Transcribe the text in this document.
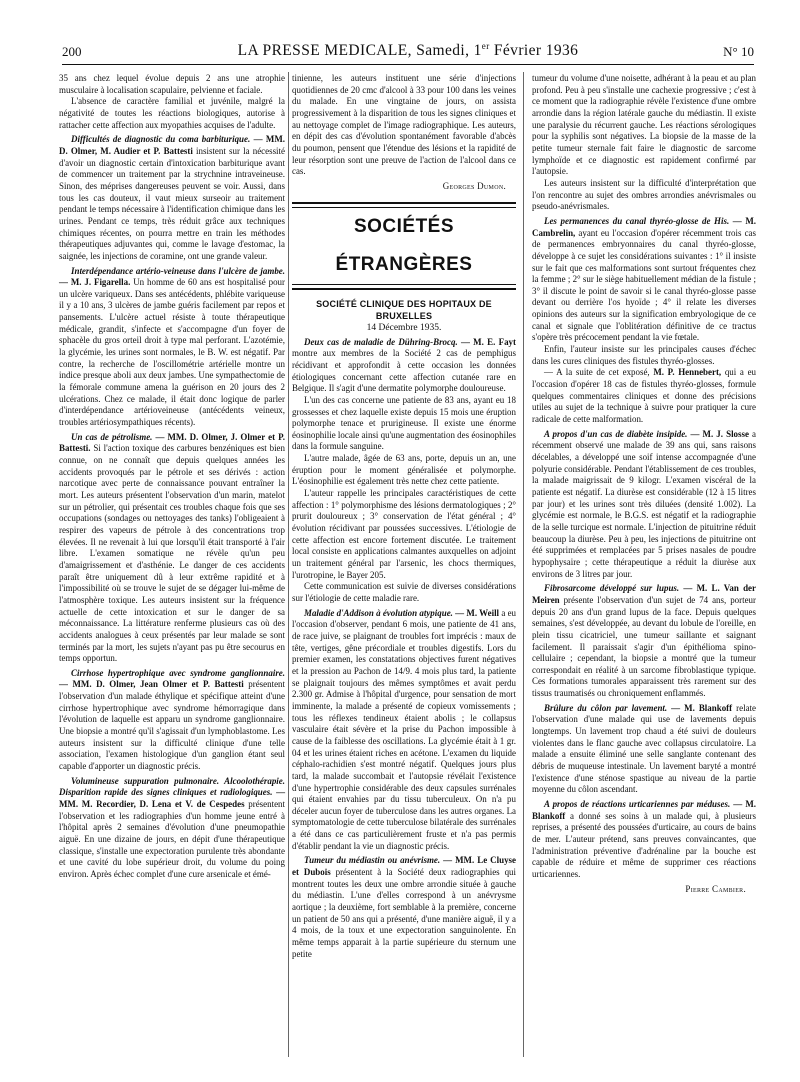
200	LA PRESSE MEDICALE, Samedi, 1er Février 1936	N° 10

35 ans chez lequel évolue depuis 2 ans une atrophie musculaire à localisation scapulaire, pelvienne et faciale.

L'absence de caractère familial et juvénile, malgré la négativité de toutes les réactions biologiques, autorise à rattacher cette affection aux myopathies acquises de l'adulte.

Difficultés de diagnostic du coma barbiturique. — MM. D. Olmer, M. Audier et P. Battesti insistent sur la nécessité d'avoir un diagnostic certain d'intoxication barbiturique avant de commencer un traitement par la strychnine intraveineuse. Sinon, des méprises dangereuses peuvent se voir. Aussi, dans tous les cas douteux, il vaut mieux surseoir au traitement pendant le temps nécessaire à l'identification chimique dans les urines. Pendant ce temps, très réduit grâce aux techniques chimiques récentes, on pourra mettre en train les méthodes thérapeutiques adjuvantes qui, comme le lavage d'estomac, la saignée, les injections de coramine, ont une grande valeur.

Interdépendance artério-veineuse dans l'ulcère de jambe. — M. J. Figarella. Un homme de 60 ans est hospitalisé pour un ulcère variqueux. Dans ses antécédents, phlébite variqueuse il y a 10 ans, 3 ulcères de jambe guéris facilement par repos et pansements. L'ulcère actuel résiste à toute thérapeutique médicale, grandit, s'infecte et s'accompagne d'un foyer de sphacèle du gros orteil droit à type mal perforant. L'azotémie, la glycémie, les urines sont normales, le B. W. est négatif. Par contre, la recherche de l'oscillométrie artérielle montre un indice presque aboli aux deux jambes. Une sympathectomie de la fémorale commune amena la guérison en 20 jours des 2 ulcérations. Chez ce malade, il était donc logique de parler d'interdépendance artérioveineuse (antécédents veineux, troubles artériosympathiques récents).

Un cas de pétrolisme. — MM. D. Olmer, J. Olmer et P. Battesti. Si l'action toxique des carbures benzéniques est bien connue, on ne connaît que depuis quelques années les accidents provoqués par le pétrole et ses dérivés : action narcotique avec perte de connaissance pouvant entraîner la mort. Les auteurs présentent l'observation d'un marin, matelot sur un pétrolier, qui présentait ces troubles chaque fois que ses occupations (sondages ou nettoyages des tanks) l'obligeaient à respirer des vapeurs de pétrole à des concentrations trop élevées. Il ne revenait à lui que lorsqu'il était transporté à l'air libre. L'examen somatique ne révèle qu'un peu d'amaigrissement et d'asthénie. Le danger de ces accidents paraît être uniquement dû à leur extrême rapidité et à l'impossibilité où se trouve le sujet de se dégager lui-même de l'atmosphère toxique. Les auteurs insistent sur la fréquence actuelle de cette intoxication et sur le danger de sa méconnaissance. La littérature renferme plusieurs cas où des accidents analogues à ceux présentés par leur malade se sont terminés par la mort, les sujets n'ayant pas pu être secourus en temps opportun.

Cirrhose hypertrophique avec syndrome ganglionnaire. — MM. D. Olmer, Jean Olmer et P. Battesti présentent l'observation d'un malade éthylique et spécifique atteint d'une cirrhose hypertrophique avec syndrome hémorragique dans l'évolution de laquelle est apparu un syndrome ganglionnaire. Une biopsie a montré qu'il s'agissait d'un lymphoblastome. Les auteurs insistent sur la difficulté clinique d'une telle association, l'examen histologique d'un ganglion étant seul capable d'apporter un diagnostic précis.

Volumineuse suppuration pulmonaire. Alcoolothérapie. Disparition rapide des signes cliniques et radiologiques. — MM. M. Recordier, D. Lena et V. de Cespedes présentent l'observation et les radiographies d'un homme jeune entré à l'hôpital après 2 semaines d'évolution d'une pneumopathie aiguë. En une dizaine de jours, en dépit d'une thérapeutique classique, s'installe une expectoration purulente très abondante et une cavité du lobe supérieur droit, du volume du poing environ. Après échec complet d'une cure arsenicale et émé-

tinienne, les auteurs instituent une série d'injections quotidiennes de 20 cmc d'alcool à 33 pour 100 dans les veines du malade. En une vingtaine de jours, on assista progressivement à la disparition de tous les signes cliniques et au nettoyage complet de l'image radiographique. Les auteurs, en dépit des cas d'évolution spontanément favorable d'abcès du poumon, pensent que l'étendue des lésions et la rapidité de leur résorption sont une preuve de l'action de l'alcool dans ce cas.

Georges Dumon.

SOCIÉTÉS ÉTRANGÈRES
SOCIÉTÉ CLINIQUE DES HOPITAUX DE BRUXELLES
14 Décembre 1935.

Deux cas de maladie de Dühring-Brocq. — M. E. Fayt montre aux membres de la Société 2 cas de pemphigus récidivant et approfondit à cette occasion les données étiologiques concernant cette affection cutanée rare en Belgique. Il s'agit d'une dermatite polymorphe douloureuse.

L'un des cas concerne une patiente de 83 ans, ayant eu 18 grossesses et chez laquelle existe depuis 15 mois une éruption polymorphe tenace et prurigineuse. Il existe une énorme éosinophilie locale ainsi qu'une augmentation des éosinophiles dans la formule sanguine.

L'autre malade, âgée de 63 ans, porte, depuis un an, une éruption pour le moment généralisée et polymorphe. L'éosinophilie est également très nette chez cette patiente.

L'auteur rappelle les principales caractéristiques de cette affection : 1° polymorphisme des lésions dermatologiques ; 2° prurit douloureux ; 3° conservation de l'état général ; 4° évolution récidivant par poussées successives. L'étiologie de cette affection est encore fortement discutée. Le traitement local consiste en applications calmantes auxquelles on adjoint un traitement général par l'arsenic, les chocs thermiques, l'urotropine, le Bayer 205.

Cette communication est suivie de diverses considérations sur l'étiologie de cette maladie rare.

Maladie d'Addison à évolution atypique. — M. Weill a eu l'occasion d'observer, pendant 6 mois, une patiente de 41 ans, de race juive, se plaignant de troubles fort imprécis : maux de tête, vertiges, gêne précordiale et troubles digestifs. Lors du premier examen, les constatations objectives furent négatives et la pression au Pachon de 14/9. 4 mois plus tard, la patiente se plaignait toujours des mêmes symptômes et avait perdu 2.300 gr. Admise à l'hôpital d'urgence, pour sensation de mort imminente, la malade a présenté de copieux vomissements ; tous les réflexes tendineux étaient abolis ; le collapsus vasculaire était sévère et la prise du Pachon impossible à cause de la faiblesse des oscillations. La glycémie était à 1 gr. 04 et les urines étaient riches en acétone. L'examen du liquide céphalo-rachidien s'est montré négatif. Quelques jours plus tard, la malade succombait et l'autopsie révélait l'existence d'une hypertrophie considérable des deux capsules surrénales qui étaient envahies par du tissu tuberculeux. On n'a pu déceler aucun foyer de tuberculose dans les autres organes. La symptomatologie de cette tuberculose bilatérale des surrénales a été dans ce cas particulièrement fruste et n'a pas permis d'établir pendant la vie un diagnostic précis.

Tumeur du médiastin ou anévrisme. — MM. Le Cluyse et Dubois présentent à la Société deux radiographies qui montrent toutes les deux une ombre arrondie située à gauche du médiastin. L'une d'elles correspond à un anévrysme aortique ; la deuxième, fort semblable à la première, concerne un patient de 50 ans qui a présenté, d'une manière aiguë, il y a 4 mois, de la toux et une expectoration sanguinolente. En même temps apparait à la partie supérieure du sternum une petite

tumeur du volume d'une noisette, adhérant à la peau et au plan profond. Peu à peu s'installe une cachexie progressive ; c'est à ce moment que la radiographie révèle l'existence d'une ombre arrondie dans la région latérale gauche du médiastin. Il existe une paralysie du récurrent gauche. Les réactions sérologiques pour la syphilis sont négatives. La biopsie de la masse de la petite tumeur sternale fait faire le diagnostic de sarcome lymphoïde et ce diagnostic est rapidement confirmé par l'autopsie.

Les auteurs insistent sur la difficulté d'interprétation que l'on rencontre au sujet des ombres arrondies anévrismales ou pseudo-anévrismales.

Les permanences du canal thyréo-glosse de His. — M. Cambrelin, ayant eu l'occasion d'opérer récemment trois cas de permanences embryonnaires du canal thyréo-glosse, développe à ce sujet les considérations suivantes : 1° il insiste sur le fait que ces malformations sont surtout fréquentes chez la femme ; 2° sur le siège habituellement médian de la fistule ; 3° il discute le point de savoir si le canal thyréo-glosse passe devant ou derrière l'os hyoïde ; 4° il relate les diverses opinions des auteurs sur la signification embryologique de ce canal et signale que l'oblitération définitive de ce tractus s'opère très précocement pendant la vie fœtale.

Enfin, l'auteur insiste sur les principales causes d'échec dans les cures cliniques des fistules thyréo-glosses.

— A la suite de cet exposé, M. P. Hennebert, qui a eu l'occasion d'opérer 18 cas de fistules thyréo-glosses, formule quelques commentaires cliniques et donne des précisions utiles au sujet de la technique à suivre pour pratiquer la cure radicale de cette malformation.

A propos d'un cas de diabète insipide. — M. J. Slosse a récemment observé une malade de 39 ans qui, sans raisons décelables, a développé une soif intense accompagnée d'une polyurie considérable. Pendant l'établissement de ces troubles, la malade maigrissait de 9 kilogr. L'examen viscéral de la patiente est négatif. La diurèse est considérable (12 à 15 litres par jour) et les urines sont très diluées (densité 1.002). La glycémie est normale, le B.G.S. est négatif et la radiographie de la selle turcique est normale. L'injection de pituitrine réduit beaucoup la diurèse. Peu à peu, les injections de pituitrine ont été supprimées et remplacées par 5 prises nasales de poudre hypophysaire ; cette thérapeutique a réduit la diurèse aux environs de 3 litres par jour.

Fibrosarcome développé sur lupus. — M. L. Van der Meiren présente l'observation d'un sujet de 74 ans, porteur depuis 20 ans d'un grand lupus de la face. Depuis quelques semaines, s'est développée, au devant du lobule de l'oreille, en plein tissu cicatriciel, une tumeur saillante et saignant facilement. Il paraissait s'agir d'un épithélioma spino-cellulaire ; cependant, la biopsie a montré que la tumeur correspondait en réalité à un sarcome fibroblastique typique. Ces formations tumorales apparaissent très rarement sur des tissus traumatisés ou chroniquement enflammés.

Brûlure du côlon par lavement. — M. Blankoff relate l'observation d'une malade qui use de lavements depuis longtemps. Un lavement trop chaud a été suivi de douleurs violentes dans le flanc gauche avec collapsus circulatoire. La malade a ensuite éliminé une selle sanglante contenant des débris de muqueuse intestinale. Un lavement baryté a montré l'existence d'une sténose spastique au niveau de la partie moyenne du côlon ascendant.

A propos de réactions urticariennes par méduses. — M. Blankoff a donné ses soins à un malade qui, à plusieurs reprises, a présenté des poussées d'urticaire, au cours de bains de mer. L'auteur prétend, sans preuves convaincantes, que l'administration préventive d'adrénaline par la bouche est capable de réduire et même de supprimer ces réactions urticariennes.

Pierre Cambier.
